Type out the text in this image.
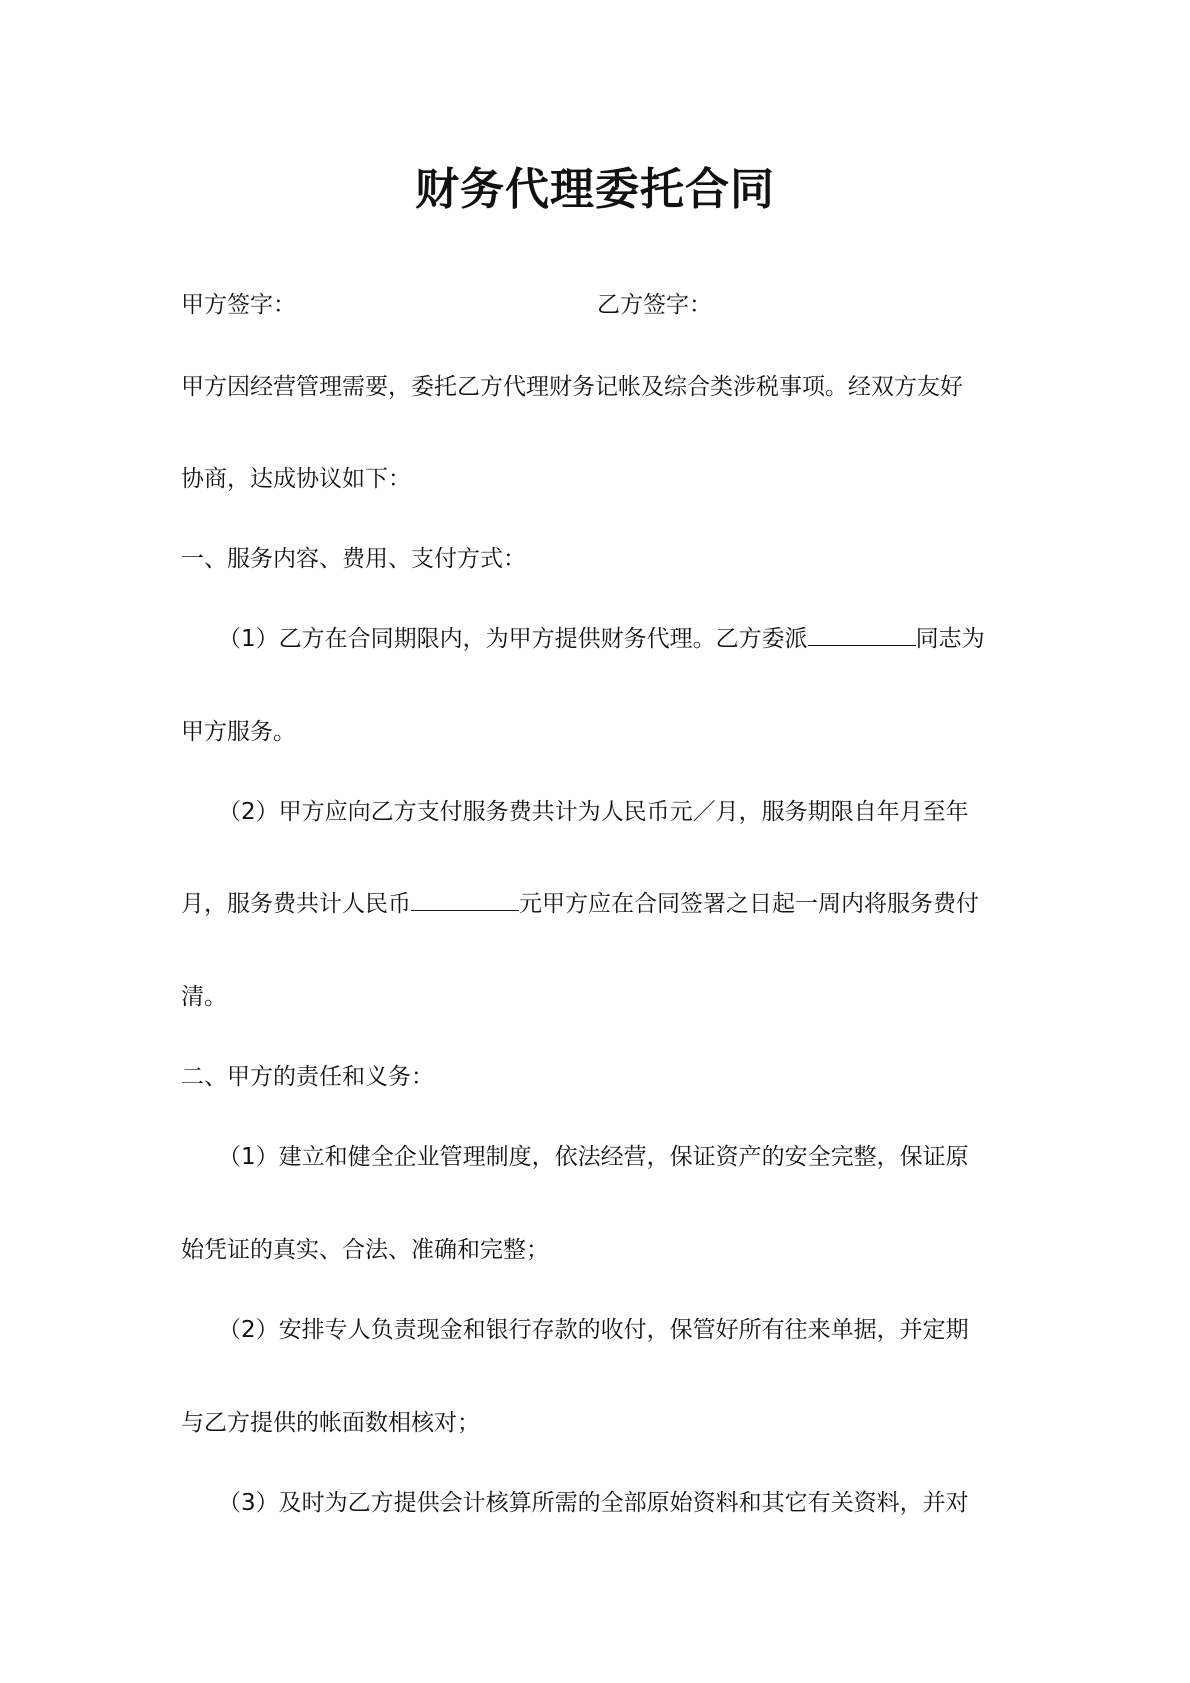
财务代理委托合同
甲方签字：	乙方签字：
甲方因经营管理需要，委托乙方代理财务记帐及综合类涉税事项。经双方友好
协商，达成协议如下：
一、服务内容、费用、支付方式：
（1）乙方在合同期限内，为甲方提供财务代理。乙方委派	同志为
甲方服务。
（2）甲方应向乙方支付服务费共计为人民币元／月，服务期限自年月至年
月，服务费共计人民币	元甲方应在合同签署之日起一周内将服务费付
清。
二、甲方的责任和义务：
（1）建立和健全企业管理制度，依法经营，保证资产的安全完整，保证原
始凭证的真实、合法、准确和完整；
（2）安排专人负责现金和银行存款的收付，保管好所有往来单据，并定期
与乙方提供的帐面数相核对；
（3）及时为乙方提供会计核算所需的全部原始资料和其它有关资料，并对
